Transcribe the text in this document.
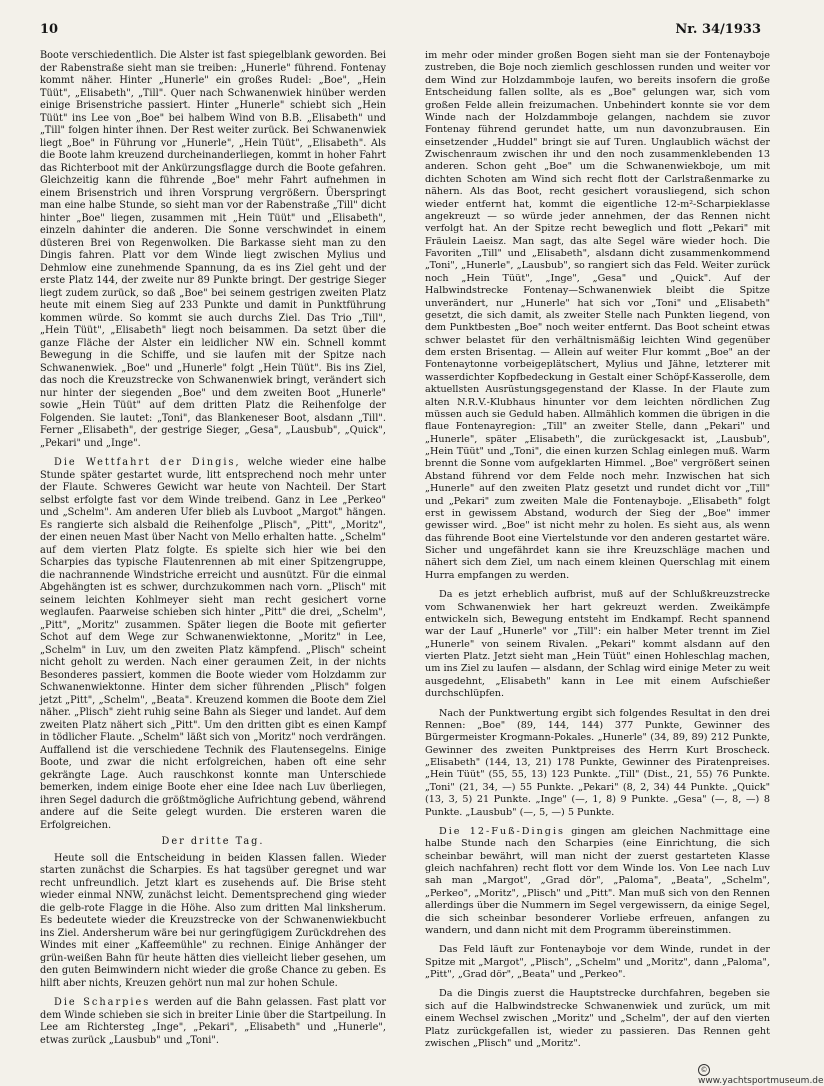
10	Nr. 34/1933

Boote verschiedentlich. Die Alster ist fast spiegelblank geworden. Bei der Rabenstraße sieht man sie treiben: „Hunerle" führend. Fontenay kommt näher. Hinter „Hunerle" ein großes Rudel: „Boe", „Hein Tüüt", „Elisabeth", „Till". Quer nach Schwanenwiek hinüber werden einige Brisenstriche passiert. Hinter „Hunerle" schiebt sich „Hein Tüüt" ins Lee von „Boe" bei halbem Wind von B.B. „Elisabeth" und „Till" folgen hinter ihnen. Der Rest weiter zurück. Bei Schwanenwiek liegt „Boe" in Führung vor „Hunerle", „Hein Tüüt", „Elisabeth". Als die Boote lahm kreuzend durcheinanderliegen, kommt in hoher Fahrt das Richterboot mit der Ankürzungsflagge durch die Boote gefahren. Gleichzeitig kann die führende „Boe" mehr Fahrt aufnehmen in einem Brisenstrich und ihren Vorsprung vergrößern. Überspringt man eine halbe Stunde, so sieht man vor der Rabenstraße „Till" dicht hinter „Boe" liegen, zusammen mit „Hein Tüüt" und „Elisabeth", einzeln dahinter die anderen. Die Sonne verschwindet in einem düsteren Brei von Regenwolken. Die Barkasse sieht man zu den Dingis fahren. Platt vor dem Winde liegt zwischen Mylius und Dehmlow eine zunehmende Spannung, da es ins Ziel geht und der erste Platz 144, der zweite nur 89 Punkte bringt. Der gestrige Sieger liegt zudem zurück, so daß „Boe" bei seinem gestrigen zweiten Platz heute mit einem Sieg auf 233 Punkte und damit in Punktführung kommen würde. So kommt sie auch durchs Ziel. Das Trio „Till", „Hein Tüüt", „Elisabeth" liegt noch beisammen. Da setzt über die ganze Fläche der Alster ein leidlicher NW ein. Schnell kommt Bewegung in die Schiffe, und sie laufen mit der Spitze nach Schwanenwiek. „Boe" und „Hunerle" folgt „Hein Tüüt". Bis ins Ziel, das noch die Kreuzstrecke von Schwanenwiek bringt, verändert sich nur hinter der siegenden „Boe" und dem zweiten Boot „Hunerle" sowie „Hein Tüüt" auf dem dritten Platz die Reihenfolge der Folgenden. Sie lautet: „Toni", das Blankeneser Boot, alsdann „Till". Ferner „Elisabeth", der gestrige Sieger, „Gesa", „Lausbub", „Quick", „Pekari" und „Inge".

Die Wettfahrt der Dingis, welche wieder eine halbe Stunde später gestartet wurde, litt entsprechend noch mehr unter der Flaute. Schweres Gewicht war heute von Nachteil. Der Start selbst erfolgte fast vor dem Winde treibend. Ganz in Lee „Perkeo" und „Schelm". Am anderen Ufer blieb als Luvboot „Margot" hängen. Es rangierte sich alsbald die Reihenfolge „Plisch", „Pitt", „Moritz", der einen neuen Mast über Nacht von Mello erhalten hatte. „Schelm" auf dem vierten Platz folgte. Es spielte sich hier wie bei den Scharpies das typische Flautenrennen ab mit einer Spitzengruppe, die nachrannende Windstriche erreicht und ausnützt. Für die einmal Abgehängten ist es schwer, durchzukommen nach vorn. „Plisch" mit seinem leichten Kohlmeyer sieht man recht gesichert vorne weglaufen. Paarweise schieben sich hinter „Pitt" die drei, „Schelm", „Pitt", „Moritz" zusammen. Später liegen die Boote mit gefierter Schot auf dem Wege zur Schwanenwiektonne, „Moritz" in Lee, „Schelm" in Luv, um den zweiten Platz kämpfend. „Plisch" scheint nicht geholt zu werden. Nach einer geraumen Zeit, in der nichts Besonderes passiert, kommen die Boote wieder vom Holzdamm zur Schwanenwiektonne. Hinter dem sicher führenden „Plisch" folgen jetzt „Pitt", „Schelm", „Beata". Kreuzend kommen die Boote dem Ziel näher. „Plisch" zieht ruhig seine Bahn als Sieger und landet. Auf dem zweiten Platz nähert sich „Pitt". Um den dritten gibt es einen Kampf in tödlicher Flaute. „Schelm" läßt sich von „Moritz" noch verdrängen. Auffallend ist die verschiedene Technik des Flautensegelns. Einige Boote, und zwar die nicht erfolgreichen, haben oft eine sehr gekrängte Lage. Auch rauschkonst konnte man Unterschiede bemerken, indem einige Boote eher eine Idee nach Luv überliegen, ihren Segel dadurch die größtmögliche Aufrichtung gebend, während andere auf die Seite gelegt wurden. Die ersteren waren die Erfolgreichen.

Der dritte Tag.

Heute soll die Entscheidung in beiden Klassen fallen. Wieder starten zunächst die Scharpies. Es hat tagsüber geregnet und war recht unfreundlich. Jetzt klart es zusehends auf. Die Brise steht wieder einmal NNW, zunächst leicht. Dementsprechend ging wieder die gelb-rote Flagge in die Höhe. Also zum dritten Mal linksherum. Es bedeutete wieder die Kreuzstrecke von der Schwanenwiekbucht ins Ziel. Andersherum wäre bei nur geringfügigem Zurückdrehen des Windes mit einer „Kaffeemühle" zu rechnen. Einige Anhänger der grün-weißen Bahn für heute hätten dies vielleicht lieber gesehen, um den guten Beimwindern nicht wieder die große Chance zu geben. Es hilft aber nichts, Kreuzen gehört nun mal zur hohen Schule.

Die Scharpies werden auf die Bahn gelassen. Fast platt vor dem Winde schieben sie sich in breiter Linie über die Startpeilung. In Lee am Richtersteg „Inge", „Pekari", „Elisabeth" und „Hunerle", etwas zurück „Lausbub" und „Toni".

im mehr oder minder großen Bogen sieht man sie der Fontenayboje zustreben, die Boje noch ziemlich geschlossen runden und weiter vor dem Wind zur Holzdammboje laufen, wo bereits insofern die große Entscheidung fallen sollte, als es „Boe" gelungen war, sich vom großen Felde allein freizumachen. Unbehindert konnte sie vor dem Winde nach der Holzdammboje gelangen, nachdem sie zuvor Fontenay führend gerundet hatte, um nun davonzubrausen. Ein einsetzender „Huddel" bringt sie auf Turen. Unglaublich wächst der Zwischenraum zwischen ihr und den noch zusammenklebenden 13 anderen. Schon geht „Boe" um die Schwanenwiekboje, um mit dichten Schoten am Wind sich recht flott der Carlstraßenmarke zu nähern. Als das Boot, recht gesichert vorausliegend, sich schon wieder entfernt hat, kommt die eigentliche 12-m²-Scharpieklasse angekreuzt — so würde jeder annehmen, der das Rennen nicht verfolgt hat. An der Spitze recht beweglich und flott „Pekari" mit Fräulein Laeisz. Man sagt, das alte Segel wäre wieder hoch. Die Favoriten „Till" und „Elisabeth", alsdann dicht zusammenkommend „Toni", „Hunerle", „Lausbub", so rangiert sich das Feld. Weiter zurück noch „Hein Tüüt", „Inge", „Gesa" und „Quick". Auf der Halbwindstrecke Fontenay—Schwanenwiek bleibt die Spitze unverändert, nur „Hunerle" hat sich vor „Toni" und „Elisabeth" gesetzt, die sich damit, als zweiter Stelle nach Punkten liegend, von dem Punktbesten „Boe" noch weiter entfernt. Das Boot scheint etwas schwer belastet für den verhältnismäßig leichten Wind gegenüber dem ersten Brisentag. — Allein auf weiter Flur kommt „Boe" an der Fontenaytonne vorbeigeplätschert, Mylius und Jähne, letzterer mit wasserdichter Kopfbedeckung in Gestalt einer Schöpf-Kasserolle, dem aktuellsten Ausrüstungsgegenstand der Klasse. In der Flaute zum alten N.R.V.-Klubhaus hinunter vor dem leichten nördlichen Zug müssen auch sie Geduld haben. Allmählich kommen die übrigen in die flaue Fontenayregion: „Till" an zweiter Stelle, dann „Pekari" und „Hunerle", später „Elisabeth", die zurückgesackt ist, „Lausbub", „Hein Tüüt" und „Toni", die einen kurzen Schlag einlegen muß. Warm brennt die Sonne vom aufgeklarten Himmel. „Boe" vergrößert seinen Abstand führend vor dem Felde noch mehr. Inzwischen hat sich „Hunerle" auf den zweiten Platz gesetzt und rundet dicht vor „Till" und „Pekari" zum zweiten Male die Fontenayboje. „Elisabeth" folgt erst in gewissem Abstand, wodurch der Sieg der „Boe" immer gewisser wird. „Boe" ist nicht mehr zu holen. Es sieht aus, als wenn das führende Boot eine Viertelstunde vor den anderen gestartet wäre. Sicher und ungefährdet kann sie ihre Kreuzschläge machen und nähert sich dem Ziel, um nach einem kleinen Querschlag mit einem Hurra empfangen zu werden.

Da es jetzt erheblich aufbrist, muß auf der Schlußkreuzstrecke vom Schwanenwiek her hart gekreuzt werden. Zweikämpfe entwickeln sich, Bewegung entsteht im Endkampf. Recht spannend war der Lauf „Hunerle" vor „Till": ein halber Meter trennt im Ziel „Hunerle" von seinem Rivalen. „Pekari" kommt alsdann auf den vierten Platz. Jetzt sieht man „Hein Tüüt" einen Hohleschlag machen, um ins Ziel zu laufen — alsdann, der Schlag wird einige Meter zu weit ausgedehnt, „Elisabeth" kann in Lee mit einem Aufschießer durchschlüpfen.

Nach der Punktwertung ergibt sich folgendes Resultat in den drei Rennen: „Boe" (89, 144, 144) 377 Punkte, Gewinner des Bürgermeister Krogmann-Pokales. „Hunerle" (34, 89, 89) 212 Punkte, Gewinner des zweiten Punktpreises des Herrn Kurt Broscheck. „Elisabeth" (144, 13, 21) 178 Punkte, Gewinner des Piratenpreises. „Hein Tüüt" (55, 55, 13) 123 Punkte. „Till" (Dist., 21, 55) 76 Punkte. „Toni" (21, 34, —) 55 Punkte. „Pekari" (8, 2, 34) 44 Punkte. „Quick" (13, 3, 5) 21 Punkte. „Inge" (—, 1, 8) 9 Punkte. „Gesa" (—, 8, —) 8 Punkte. „Lausbub" (—, 5, —) 5 Punkte.

Die 12-Fuß-Dingis gingen am gleichen Nachmittage eine halbe Stunde nach den Scharpies (eine Einrichtung, die sich scheinbar bewährt, will man nicht der zuerst gestarteten Klasse gleich nachfahren) recht flott vor dem Winde los. Von Lee nach Luv sah man „Margot", „Grad dör", „Paloma", „Beata", „Schelm", „Perkeo", „Moritz", „Plisch" und „Pitt". Man muß sich von den Rennen allerdings über die Nummern im Segel vergewissern, da einige Segel, die sich scheinbar besonderer Vorliebe erfreuen, anfangen zu wandern, und dann nicht mit dem Programm übereinstimmen.

Das Feld läuft zur Fontenayboje vor dem Winde, rundet in der Spitze mit „Margot", „Plisch", „Schelm" und „Moritz", dann „Paloma", „Pitt", „Grad dör", „Beata" und „Perkeo".

Da die Dingis zuerst die Hauptstrecke durchfahren, begeben sie sich auf die Halbwindstrecke Schwanenwiek und zurück, um mit einem Wechsel zwischen „Moritz" und „Schelm", der auf den vierten Platz zurückgefallen ist, wieder zu passieren. Das Rennen geht zwischen „Plisch" und „Moritz".

©www.yachtsportmuseum.de
